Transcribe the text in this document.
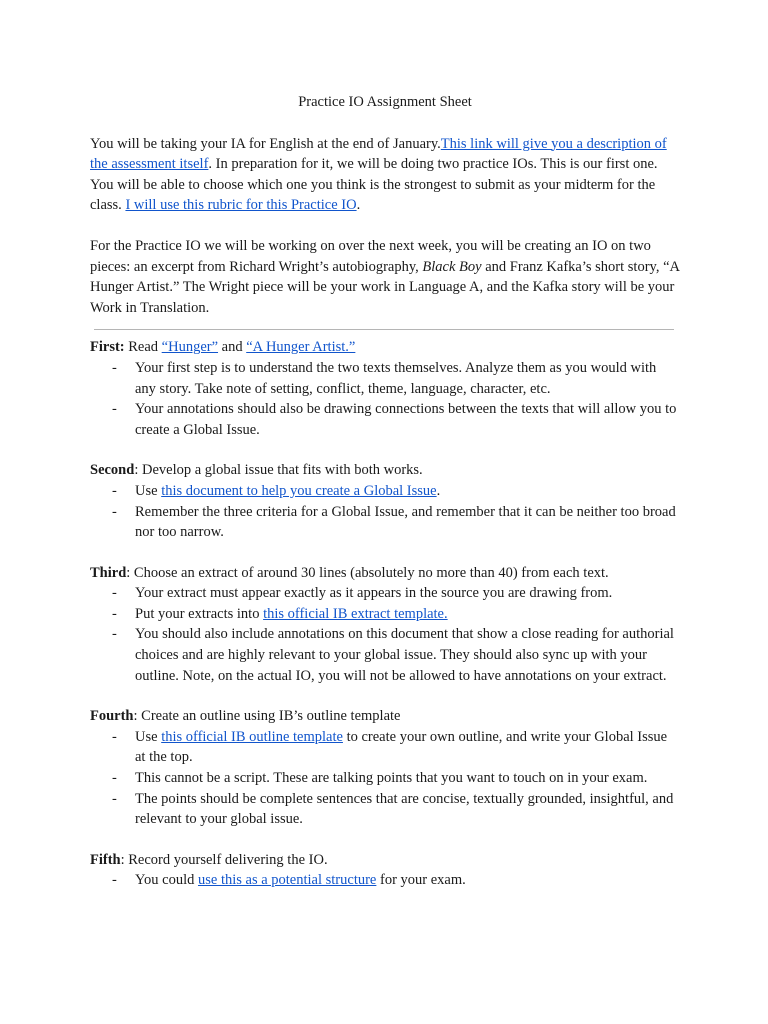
Practice IO Assignment Sheet

You will be taking your IA for English at the end of January.This link will give you a description of the assessment itself. In preparation for it, we will be doing two practice IOs. This is our first one. You will be able to choose which one you think is the strongest to submit as your midterm for the class. I will use this rubric for this Practice IO.

For the Practice IO we will be working on over the next week, you will be creating an IO on two pieces: an excerpt from Richard Wright’s autobiography, Black Boy and Franz Kafka’s short story, “A Hunger Artist.” The Wright piece will be your work in Language A, and the Kafka story will be your Work in Translation.

First: Read “Hunger” and “A Hunger Artist.”

- Your first step is to understand the two texts themselves. Analyze them as you would with any story. Take note of setting, conflict, theme, language, character, etc.
- Your annotations should also be drawing connections between the texts that will allow you to create a Global Issue.

Second: Develop a global issue that fits with both works.

- Use this document to help you create a Global Issue.
- Remember the three criteria for a Global Issue, and remember that it can be neither too broad nor too narrow.

Third: Choose an extract of around 30 lines (absolutely no more than 40) from each text.

- Your extract must appear exactly as it appears in the source you are drawing from.
- Put your extracts into this official IB extract template.
- You should also include annotations on this document that show a close reading for authorial choices and are highly relevant to your global issue. They should also sync up with your outline. Note, on the actual IO, you will not be allowed to have annotations on your extract.

Fourth: Create an outline using IB’s outline template

- Use this official IB outline template to create your own outline, and write your Global Issue at the top.
- This cannot be a script. These are talking points that you want to touch on in your exam.
- The points should be complete sentences that are concise, textually grounded, insightful, and relevant to your global issue.

Fifth: Record yourself delivering the IO.

- You could use this as a potential structure for your exam.
